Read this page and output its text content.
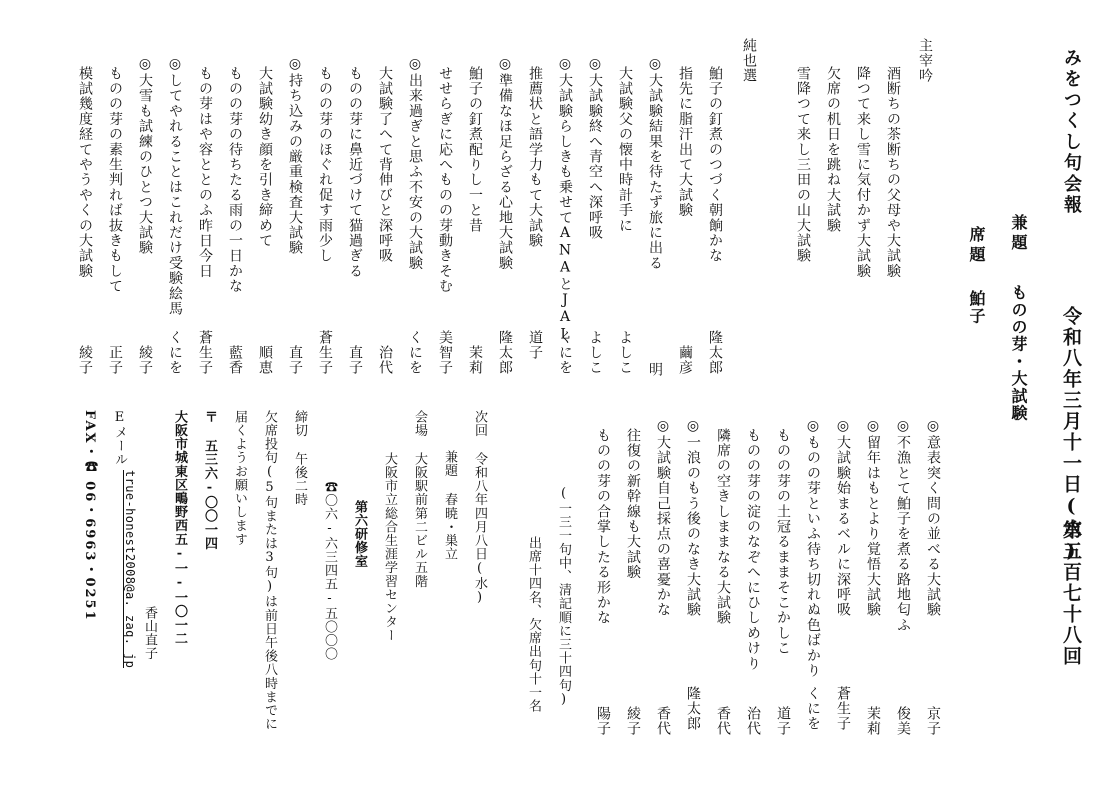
みをつくし句会報
令和八年三月十一日(水)
第五百七十八回
兼題
ものの芽・大試験
席題
鮊子
主宰吟
酒断ちの茶断ちの父母や大試験
降つて来し雪に気付かず大試験
欠席の机日を跳ね大試験
雪降つて来し三田の山大試験
純也選
鮊子の釘煮のつづく朝餉かな
隆太郎
指先に脂汗出て大試験
繭彦
◎大試験結果を待たず旅に出る
明
大試験父の懐中時計手に
よしこ
◎大試験終へ青空へ深呼吸
よしこ
◎大試験らしきも乗せてANAとJAL
くにを
推薦状と語学力もて大試験
道子
◎準備なほ足らざる心地大試験
隆太郎
鮊子の釘煮配りし一と昔
茉莉
せせらぎに応へものの芽動きそむ
美智子
◎出来過ぎと思ふ不安の大試験
くにを
大試験了へて背伸びと深呼吸
治代
ものの芽に鼻近づけて猫過ぎる
直子
ものの芽のほぐれ促す雨少し
蒼生子
◎持ち込みの厳重検査大試験
直子
大試験幼き顔を引き締めて
順恵
ものの芽の待ちたる雨の一日かな
藍香
もの芽はや容ととのふ昨日今日
蒼生子
◎してやれることはこれだけ受験絵馬
くにを
◎大雪も試練のひとつ大試験
綾子
ものの芽の素生判れば抜きもして
正子
模試幾度経てやうやくの大試験
綾子
◎意表突く問の並べる大試験
京子
◎不漁とて鮊子を煮る路地匂ふ
俊美
◎留年はもとより覚悟大試験
茉莉
◎大試験始まるベルに深呼吸
蒼生子
◎ものの芽といふ待ち切れぬ色ばかり
くにを
ものの芽の土冠るままそこかしこ
道子
ものの芽の淀のなぞへにひしめけり
治代
隣席の空きしままなる大試験
香代
◎一浪のもう後のなき大試験
隆太郎
◎大試験自己採点の喜憂かな
香代
往復の新幹線も大試験
綾子
ものの芽の合掌したる形かな
陽子
(一三一句中、清記順に三十四句)
出席十四名、欠席出句十一名
次回
令和八年四月八日(水)
兼題 春暁・巣立
会場
大阪駅前第二ビル五階
大阪市立総合生涯学習センター
第六研修室
☎〇六-六三四五-五〇〇〇
締切
午後二時
欠席投句(5句または3句)は前日午後八時までに
届くようお願いします
〒 五三六-〇〇一四
大阪市城東区鴫野西五-一-一〇一二
香山直子
Eメール
true-honest2008@a. zaq. jp
FAX・☎ 06・6963・0251
